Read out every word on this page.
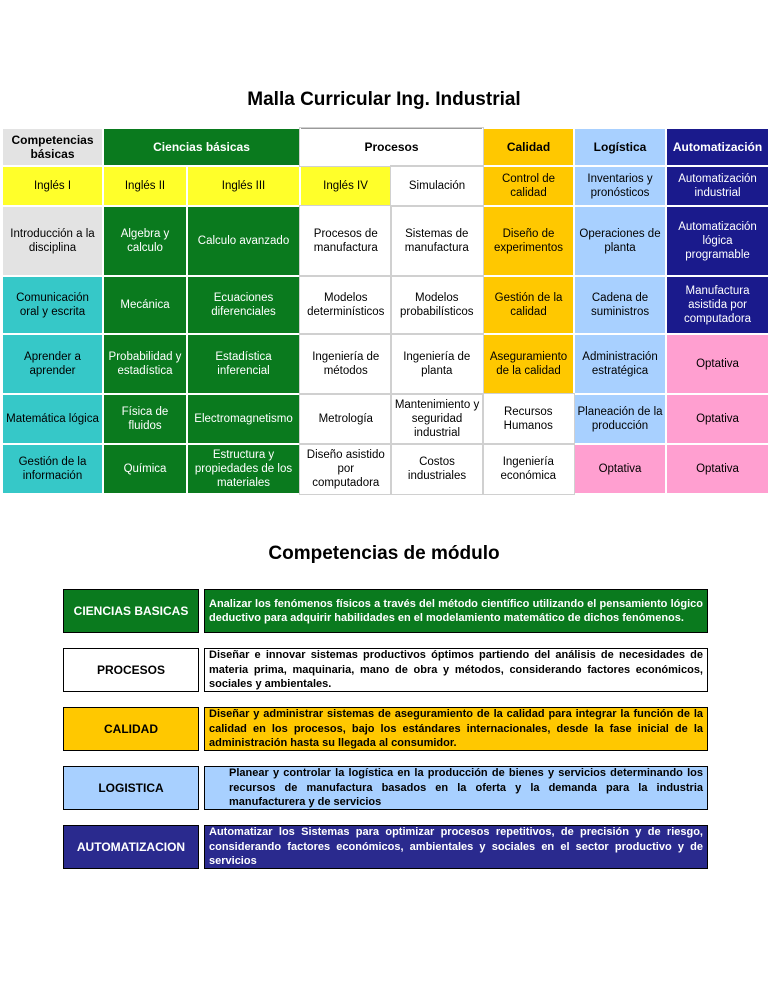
Malla Curricular Ing. Industrial
Competencias básicas	Ciencias básicas		Procesos		Calidad	Logística	Automatización
Inglés I	Inglés II	Inglés III	Inglés IV	Simulación	Control de calidad	Inventarios y pronósticos	Automatización industrial
Introducción a la disciplina	Algebra y calculo	Calculo avanzado	Procesos de manufactura	Sistemas de manufactura	Diseño de experimentos	Operaciones de planta	Automatización lógica programable
Comunicación oral y escrita	Mecánica	Ecuaciones diferenciales	Modelos determinísticos	Modelos probabilísticos	Gestión de la calidad	Cadena de suministros	Manufactura asistida por computadora
Aprender a aprender	Probabilidad y estadística	Estadística inferencial	Ingeniería de métodos	Ingeniería de planta	Aseguramiento de la calidad	Administración estratégica	Optativa
Matemática lógica	Física de fluidos	Electromagnetismo	Metrología	Mantenimiento y seguridad industrial	Recursos Humanos	Planeación de la producción	Optativa
Gestión de la información	Química	Estructura y propiedades de los materiales	Diseño asistido por computadora	Costos industriales	Ingeniería económica	Optativa	Optativa
Competencias de módulo
CIENCIAS BASICAS
Analizar los fenómenos físicos a través del método científico utilizando el pensamiento lógico deductivo para adquirir habilidades en el modelamiento matemático de dichos fenómenos.
PROCESOS
Diseñar e innovar sistemas productivos óptimos partiendo del análisis de necesidades de materia prima, maquinaria, mano de obra y métodos, considerando factores económicos, sociales y ambientales.
CALIDAD
Diseñar y administrar sistemas de aseguramiento de la calidad para integrar la función de la calidad en los procesos, bajo los estándares internacionales, desde la fase inicial de la administración hasta su llegada al consumidor.
LOGISTICA
Planear y controlar la logística en la producción de bienes y servicios determinando los recursos de manufactura basados en la oferta y la demanda para la industria manufacturera y de servicios
AUTOMATIZACION
Automatizar los Sistemas para optimizar procesos repetitivos, de precisión y de riesgo, considerando factores económicos, ambientales y sociales en el sector productivo y de servicios
